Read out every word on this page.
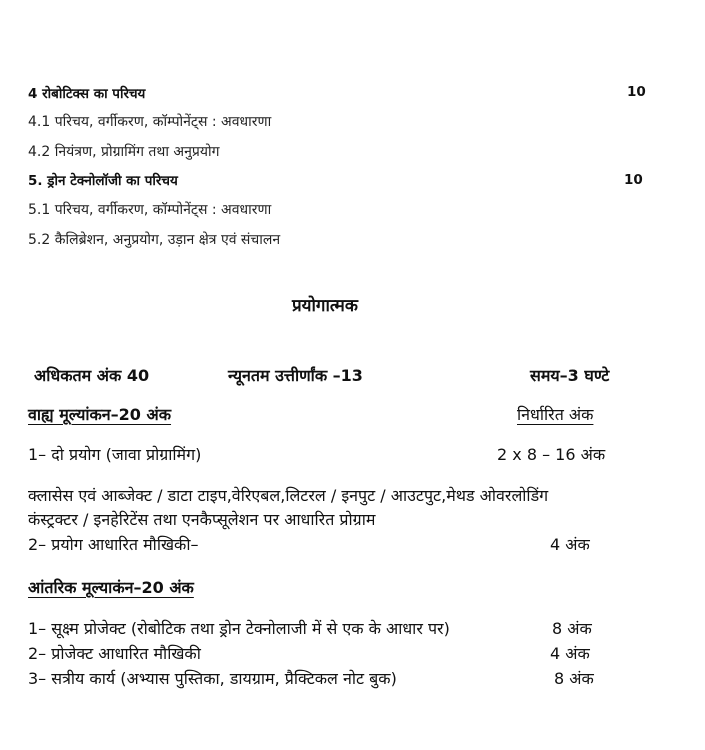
4 रोबोटिक्स का परिचय	10
4.1 परिचय, वर्गीकरण, कॉम्पोनेंट्स : अवधारणा
4.2 नियंत्रण, प्रोग्रामिंग तथा अनुप्रयोग
5. ड्रोन टेक्नोलॉजी का परिचय	10
5.1 परिचय, वर्गीकरण, कॉम्पोनेंट्स : अवधारणा
5.2 कैलिब्रेशन, अनुप्रयोग, उड़ान क्षेत्र एवं संचालन
प्रयोगात्मक
अधिकतम अंक 40	न्यूनतम उत्तीर्णांक –13	समय–3 घण्टे
वाह्य मूल्यांकन–20 अंक	निर्धारित अंक
1– दो प्रयोग (जावा प्रोग्रामिंग)	2 x 8 – 16 अंक
क्लासेस एवं आब्जेक्ट / डाटा टाइप,वेरिएबल,लिटरल / इनपुट / आउटपुट,मेथड ओवरलोडिंग
कंस्ट्रक्टर / इनहेरिटेंस तथा एनकैप्सूलेशन पर आधारित प्रोग्राम
2– प्रयोग आधारित मौखिकी–	4 अंक
आंतरिक मूल्याकंन–20 अंक
1– सूक्ष्म प्रोजेक्ट (रोबोटिक तथा ड्रोन टेक्नोलाजी में से एक के आधार पर)	8 अंक
2– प्रोजेक्ट आधारित मौखिकी	4 अंक
3– सत्रीय कार्य (अभ्यास पुस्तिका, डायग्राम, प्रैक्टिकल नोट बुक)	8 अंक
